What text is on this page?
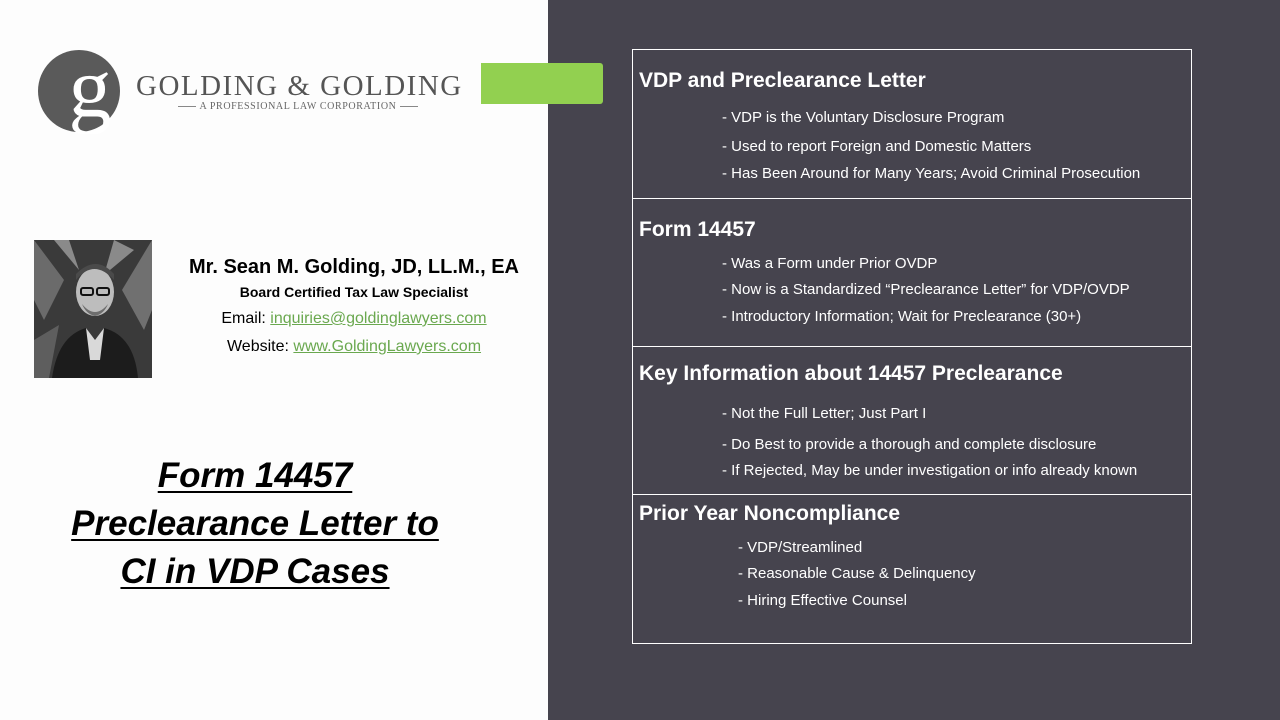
g GOLDING & GOLDING
A PROFESSIONAL LAW CORPORATION

Mr. Sean M. Golding, JD, LL.M., EA

Board Certified Tax Law Specialist

Email: inquiries@goldinglawyers.com

Website: www.GoldingLawyers.com

Form 14457
Preclearance Letter to
CI in VDP Cases
VDP and Preclearance Letter
- VDP is the Voluntary Disclosure Program
- Used to report Foreign and Domestic Matters
- Has Been Around for Many Years; Avoid Criminal Prosecution
Form 14457
- Was a Form under Prior OVDP
- Now is a Standardized “Preclearance Letter” for VDP/OVDP
- Introductory Information; Wait for Preclearance (30+)
Key Information about 14457 Preclearance
- Not the Full Letter; Just Part I
- Do Best to provide a thorough and complete disclosure
- If Rejected, May be under investigation or info already known
Prior Year Noncompliance
- VDP/Streamlined
- Reasonable Cause & Delinquency
- Hiring Effective Counsel
